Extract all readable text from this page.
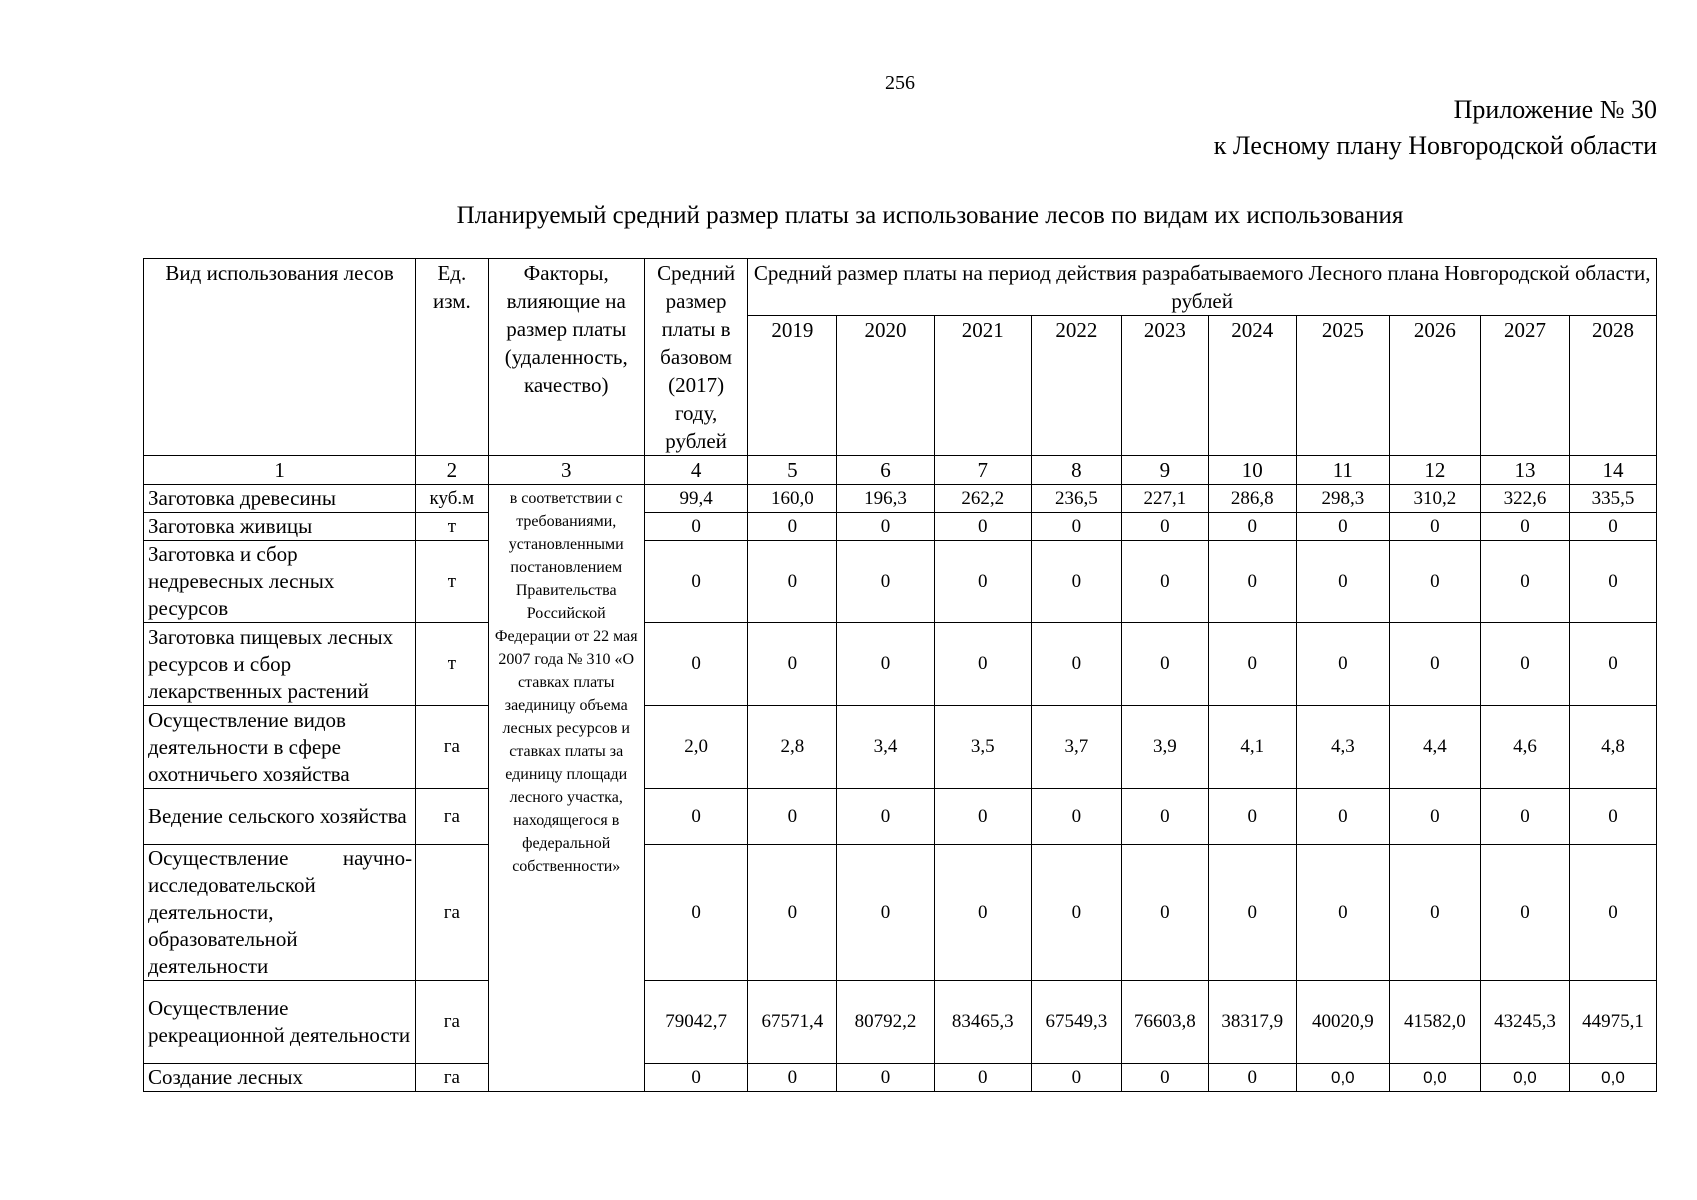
256
Приложение № 30
к Лесному плану Новгородской области
Планируемый средний размер платы за использование лесов по видам их использования
Вид использования лесов	Ед. изм.	Факторы, влияющие на размер платы (удаленность, качество)	Средний размер платы в базовом (2017) году, рублей	Средний размер платы на период действия разрабатываемого Лесного плана Новгородской области, рублей									
				2019	2020	2021	2022	2023	2024	2025	2026	2027	2028
1	2	3	4	5	6	7	8	9	10	11	12	13	14
Заготовка древесины	куб.м	в соответствии с требованиями, установленными постановлением Правительства Российской Федерации от 22 мая 2007 года № 310 «О ставках платы заединицу объема лесных ресурсов и ставках платы за единицу площади лесного участка, находящегося в федеральной собственности»	99,4	160,0	196,3	262,2	236,5	227,1	286,8	298,3	310,2	322,6	335,5
Заготовка живицы	т		0	0	0	0	0	0	0	0	0	0	0
Заготовка и сбор недревесных лесных ресурсов	т		0	0	0	0	0	0	0	0	0	0	0
Заготовка пищевых лесных ресурсов и сбор лекарственных растений	т		0	0	0	0	0	0	0	0	0	0	0
Осуществление видов деятельности в сфере охотничьего хозяйства	га		2,0	2,8	3,4	3,5	3,7	3,9	4,1	4,3	4,4	4,6	4,8
Ведение сельского хозяйства	га		0	0	0	0	0	0	0	0	0	0	0
Осуществление научно-исследовательской деятельности, образовательной деятельности	га		0	0	0	0	0	0	0	0	0	0	0
Осуществление рекреационной деятельности	га		79042,7	67571,4	80792,2	83465,3	67549,3	76603,8	38317,9	40020,9	41582,0	43245,3	44975,1
Создание лесных	га		0	0	0	0	0	0	0	0,0	0,0	0,0	0,0
